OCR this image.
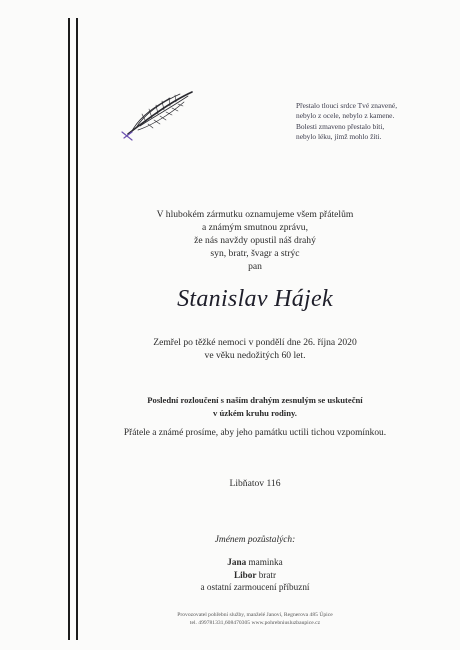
Přestalo tlouci srdce Tvé znavené,
nebylo z ocele, nebylo z kamene.
Bolesti zmaveno přestalo bíti,
nebylo léku, jímž mohlo žíti.
V hlubokém zármutku oznamujeme všem přátelům
a známým smutnou zprávu,
že nás navždy opustil náš drahý
syn, bratr, švagr a strýc
pan
Stanislav Hájek
Zemřel po těžké nemoci v pondělí dne 26. října 2020
ve věku nedožitých 60 let.
Poslední rozloučení s naším drahým zesnulým se uskuteční
v úzkém kruhu rodiny.
Přátele a známé prosíme, aby jeho památku uctili tichou vzpomínkou.
Libňatov 116
Jménem pozůstalých:
Jana maminka
Libor bratr
a ostatní zarmoucení příbuzní
Provozovatel pohřební služby, manželé Janoví, Regnerova 485 Úpice
tel. 499781331,608470305 www.pohrebniusluzbaupice.cz
